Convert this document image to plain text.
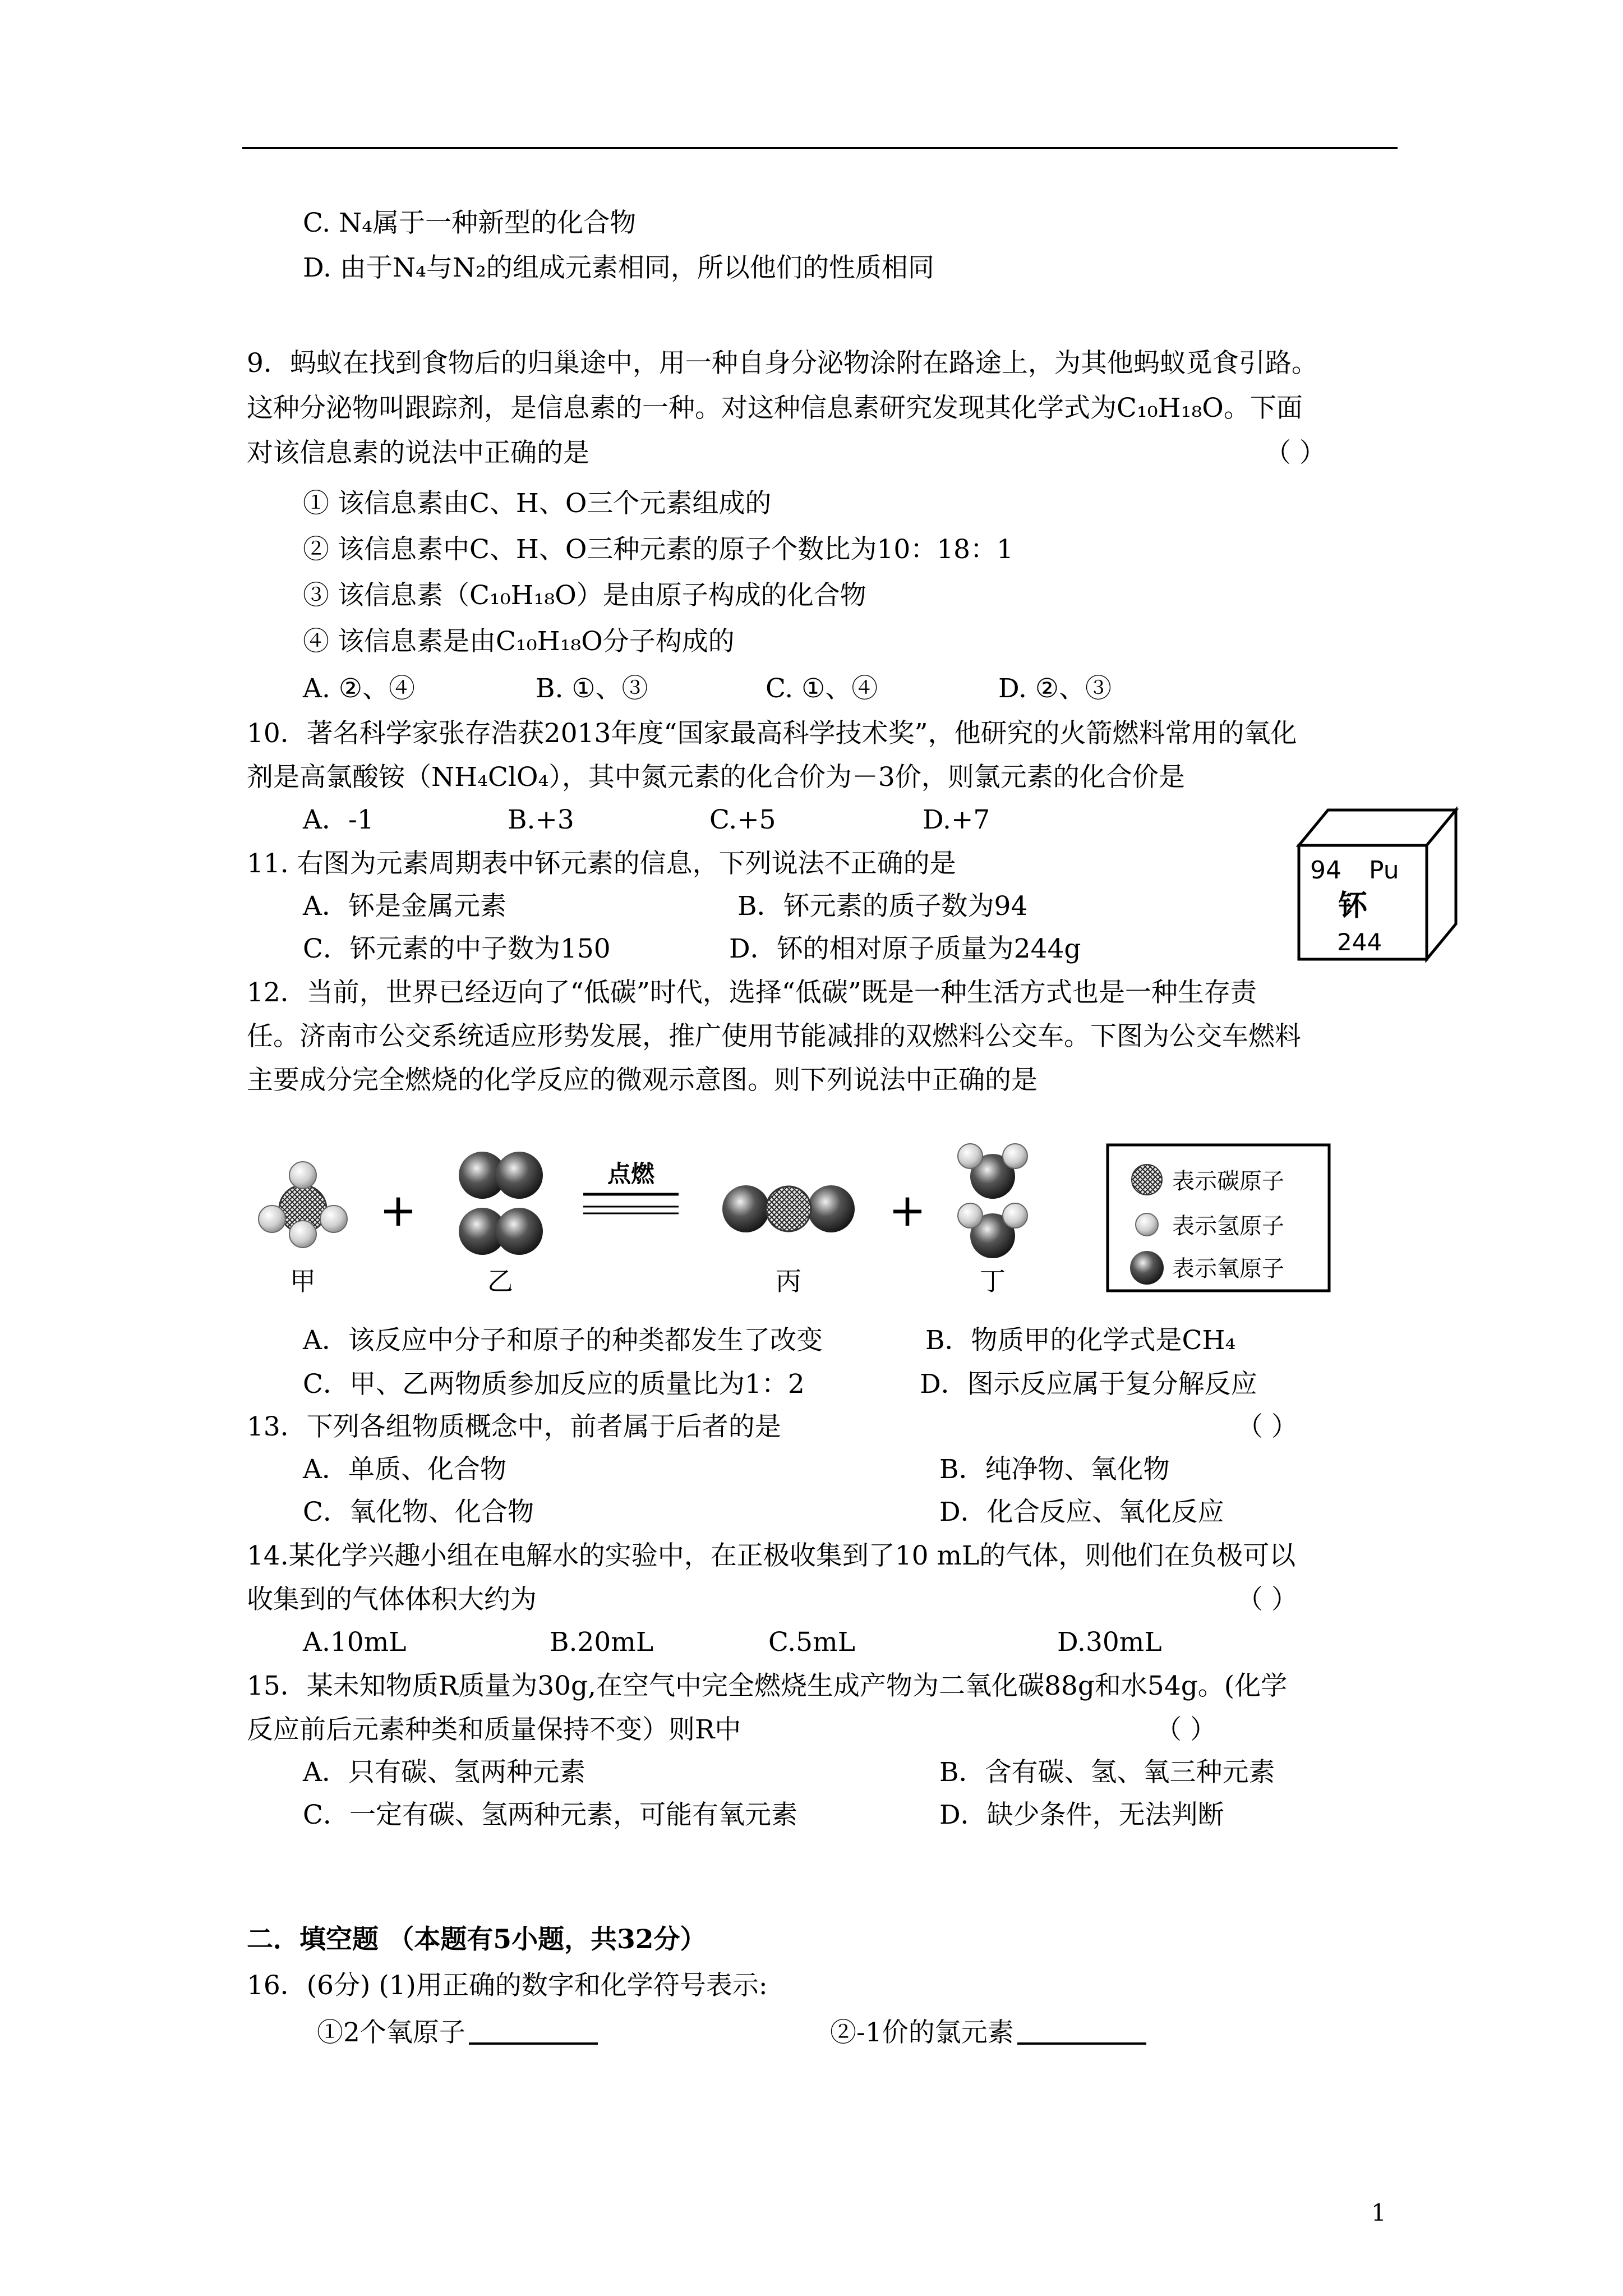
C. N₄属于一种新型的化合物
D. 由于N₄与N₂的组成元素相同，所以他们的性质相同
9．蚂蚁在找到食物后的归巢途中，用一种自身分泌物涂附在路途上，为其他蚂蚁觅食引路。
这种分泌物叫跟踪剂，是信息素的一种。对这种信息素研究发现其化学式为C₁₀H₁₈O。下面
对该信息素的说法中正确的是	（ ）
① 该信息素由C、H、O三个元素组成的
② 该信息素中C、H、O三种元素的原子个数比为10：18：1
③ 该信息素（C₁₀H₁₈O）是由原子构成的化合物
④ 该信息素是由C₁₀H₁₈O分子构成的
A. ②、④	B. ①、③	C. ①、④	D. ②、③
10．著名科学家张存浩获2013年度“国家最高科学技术奖”，他研究的火箭燃料常用的氧化
剂是高氯酸铵（NH₄ClO₄），其中氮元素的化合价为－3价，则氯元素的化合价是
A．-1	B.+3	C.+5	D.+7
11. 右图为元素周期表中钚元素的信息，下列说法不正确的是
A．钚是金属元素	B．钚元素的质子数为94
C．钚元素的中子数为150	D．钚的相对原子质量为244g
94 Pu
钚
244
12．当前，世界已经迈向了“低碳”时代，选择“低碳”既是一种生活方式也是一种生存责
任。济南市公交系统适应形势发展，推广使用节能减排的双燃料公交车。下图为公交车燃料
主要成分完全燃烧的化学反应的微观示意图。则下列说法中正确的是
甲
+
乙
点燃
丙
+
丁
表示碳原子
表示氢原子
表示氧原子
A．该反应中分子和原子的种类都发生了改变	B．物质甲的化学式是CH₄
C．甲、乙两物质参加反应的质量比为1：2	D．图示反应属于复分解反应
13．下列各组物质概念中，前者属于后者的是	（ ）
A．单质、化合物	B．纯净物、氧化物
C．氧化物、化合物	D．化合反应、氧化反应
14.某化学兴趣小组在电解水的实验中，在正极收集到了10 mL的气体，则他们在负极可以
收集到的气体体积大约为	（ ）
A.10mL	B.20mL	C.5mL	D.30mL
15．某未知物质R质量为30g,在空气中完全燃烧生成产物为二氧化碳88g和水54g。(化学
反应前后元素种类和质量保持不变）则R中	（ ）
A．只有碳、氢两种元素	B．含有碳、氢、氧三种元素
C．一定有碳、氢两种元素，可能有氧元素	D．缺少条件，无法判断
二．填空题 （本题有5小题，共32分）
16．(6分) (1)用正确的数字和化学符号表示:
①2个氧原子	②-1价的氯元素
1
